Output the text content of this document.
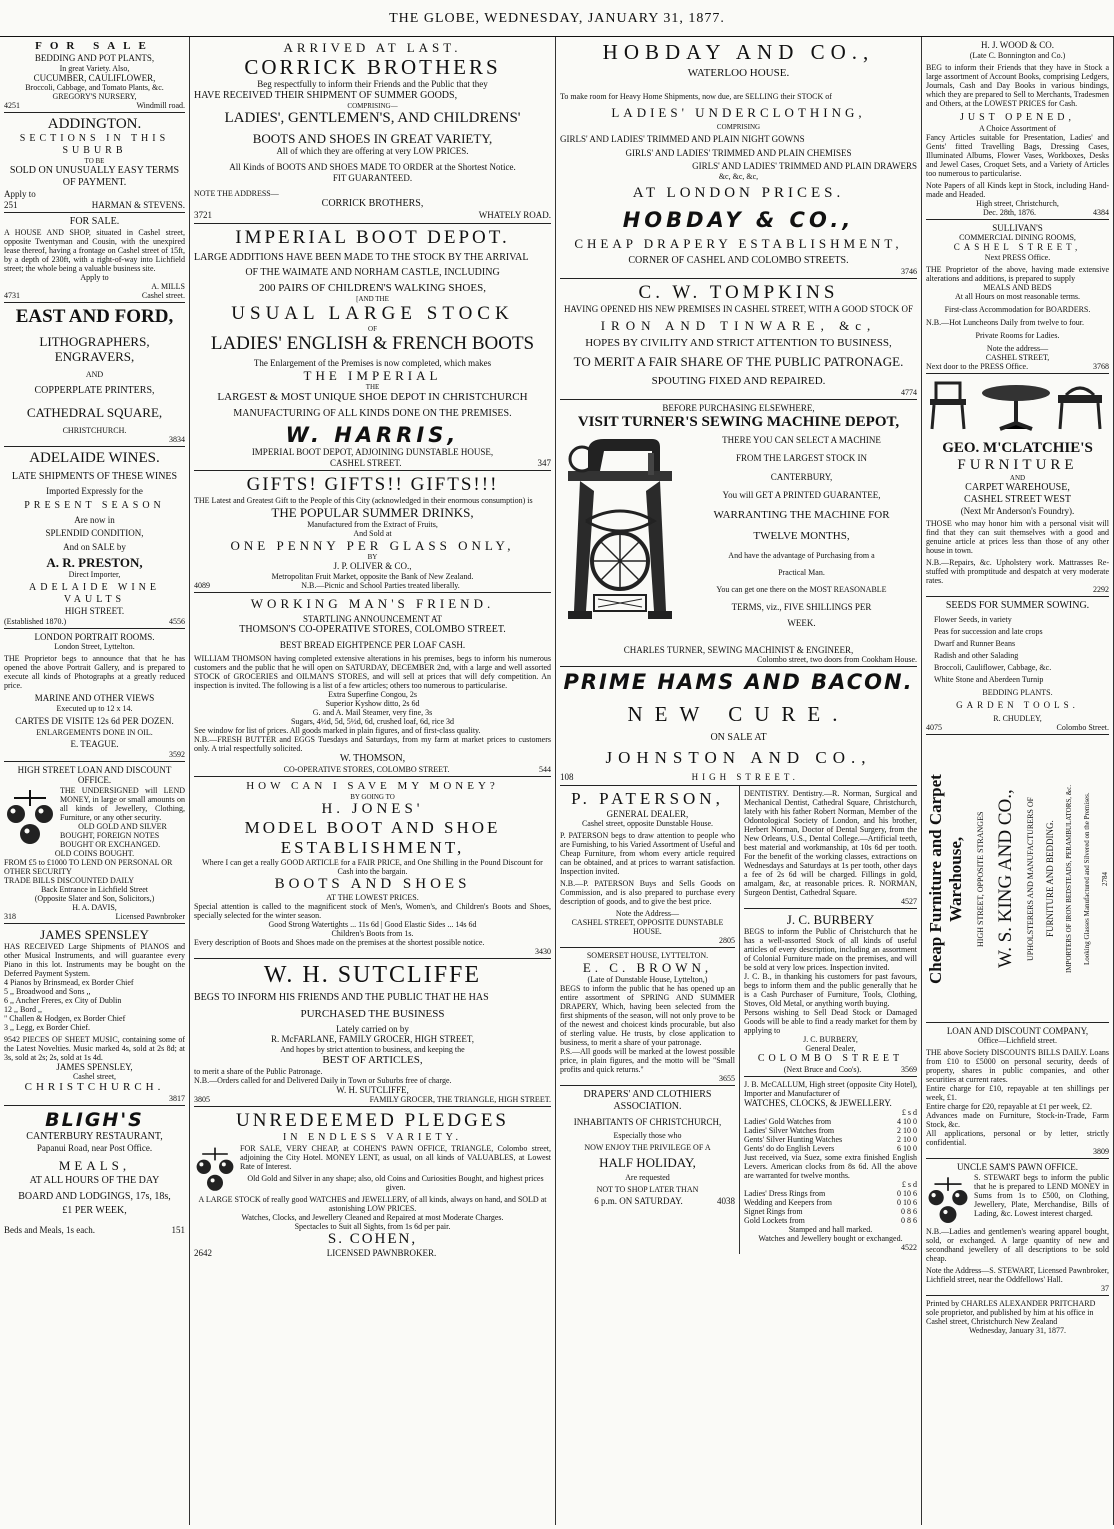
THE GLOBE, WEDNESDAY, JANUARY 31, 1877.

FOR SALE

BEDDING AND POT PLANTS,

In great Variety. Also,

CUCUMBER, CAULIFLOWER,

Broccoli, Cabbage, and Tomato Plants, &c.

GREGORY'S NURSERY,

4251	Windmill road.

ADDINGTON.

SECTIONS IN THIS SUBURB

TO BE

SOLD ON UNUSUALLY EASY TERMS

OF PAYMENT.

Apply to

251	HARMAN & STEVENS.

FOR SALE.

A HOUSE AND SHOP, situated in Cashel street, opposite Twentyman and Cousin, with the unexpired lease thereof, having a frontage on Cashel street of 15ft, by a depth of 230ft, with a right-of-way into Lichfield street; the whole being a valuable business site.

Apply to

A. MILLS

4731	Cashel street.

EAST AND FORD,

LITHOGRAPHERS, ENGRAVERS,

AND

COPPERPLATE PRINTERS,

CATHEDRAL SQUARE,

CHRISTCHURCH.

3834

ADELAIDE WINES.

LATE SHIPMENTS OF THESE WINES

Imported Expressly for the

PRESENT SEASON

Are now in

SPLENDID CONDITION,

And on SALE by

A. R. PRESTON,

Direct Importer,

ADELAIDE WINE VAULTS

HIGH STREET.

(Established 1870.)	4556

LONDON PORTRAIT ROOMS.

London Street, Lyttelton.

THE Proprietor begs to announce that that he has opened the above Portrait Gallery, and is prepared to execute all kinds of Photographs at a greatly reduced price.

MARINE AND OTHER VIEWS

Executed up to 12 x 14.

CARTES DE VISITE 12s 6d PER DOZEN.

ENLARGEMENTS DONE IN OIL.

E. TEAGUE.

3592

HIGH STREET LOAN AND DISCOUNT OFFICE.

THE UNDERSIGNED will LEND MONEY, in large or small amounts on all kinds of Jewellery, Clothing, Furniture, or any other security.

OLD GOLD AND SILVER

BOUGHT, FOREIGN NOTES BOUGHT OR EXCHANGED.

OLD COINS BOUGHT.

FROM £5 to £1000 TO LEND ON PERSONAL OR OTHER SECURITY

TRADE BILLS DISCOUNTED DAILY

Back Entrance in Lichfield Street

(Opposite Slater and Son, Solicitors,)

H. A. DAVIS,

318	Licensed Pawnbroker

JAMES SPENSLEY

HAS RECEIVED Large Shipments of PIANOS and other Musical Instruments, and will guarantee every Piano in this lot. Instruments may be bought on the Deferred Payment System.

4 Pianos by Brinsmead, ex Border Chief

5 ,, Broadwood and Sons ,,

6 ,, Ancher Freres, ex City of Dublin

12 ,, Bord ,,

" Challen & Hodgen, ex Border Chief

3 ,, Legg, ex Border Chief.

9542 PIECES OF SHEET MUSIC, containing some of the Latest Novelties. Music marked 4s, sold at 2s 8d; at 3s, sold at 2s; 2s, sold at 1s 4d.

JAMES SPENSLEY,

Cashel street,

CHRISTCHURCH.

3817

BLIGH'S

CANTERBURY RESTAURANT,

Papanui Road, near Post Office.

MEALS,

AT ALL HOURS OF THE DAY

BOARD AND LODGINGS, 17s, 18s,

£1 PER WEEK,

Beds and Meals, 1s each.	151

ARRIVED AT LAST.

CORRICK BROTHERS

Beg respectfully to inform their Friends and the Public that they

HAVE RECEIVED THEIR SHIPMENT OF SUMMER GOODS,

COMPRISING—

LADIES', GENTLEMEN'S, AND CHILDRENS'

BOOTS AND SHOES IN GREAT VARIETY,

All of which they are offering at very LOW PRICES.

All Kinds of BOOTS AND SHOES MADE TO ORDER at the Shortest Notice.

FIT GUARANTEED.

NOTE THE ADDRESS—

CORRICK BROTHERS,

3721	WHATELY ROAD.

IMPERIAL BOOT DEPOT.

LARGE ADDITIONS HAVE BEEN MADE TO THE STOCK BY THE ARRIVAL

OF THE WAIMATE AND NORHAM CASTLE, INCLUDING

200 PAIRS OF CHILDREN'S WALKING SHOES,

[AND THE

USUAL LARGE STOCK

OF

LADIES' ENGLISH & FRENCH BOOTS

The Enlargement of the Premises is now completed, which makes

THE IMPERIAL

THE

LARGEST & MOST UNIQUE SHOE DEPOT IN CHRISTCHURCH

MANUFACTURING OF ALL KINDS DONE ON THE PREMISES.

W. HARRIS,

IMPERIAL BOOT DEPOT, ADJOINING DUNSTABLE HOUSE,

CASHEL STREET.	347

GIFTS! GIFTS!! GIFTS!!!

THE Latest and Greatest Gift to the People of this City (acknowledged in their enormous consumption) is

THE POPULAR SUMMER DRINKS,

Manufactured from the Extract of Fruits,

And Sold at

ONE PENNY PER GLASS ONLY,

BY

J. P. OLIVER & CO.,

Metropolitan Fruit Market, opposite the Bank of New Zealand.

4089	N.B.—Picnic and School Parties treated liberally.

WORKING MAN'S FRIEND.

STARTLING ANNOUNCEMENT AT

THOMSON'S CO-OPERATIVE STORES, COLOMBO STREET.

BEST BREAD EIGHTPENCE PER LOAF CASH.

WILLIAM THOMSON having completed extensive alterations in his premises, begs to inform his numerous customers and the public that he will open on SATURDAY, DECEMBER 2nd, with a large and well assorted STOCK of GROCERIES and OILMAN'S STORES, and will sell at prices that will defy competition. An inspection is invited. The following is a list of a few articles; others too numerous to particularise.

Extra Superfine Congou, 2s

Superior Kyshow ditto, 2s 6d

G. and A. Mail Steamer, very fine, 3s

Sugars, 4½d, 5d, 5½d, 6d, crushed loaf, 6d, rice 3d

See window for list of prices. All goods marked in plain figures, and of first-class quality.

N.B.—FRESH BUTTER and EGGS Tuesdays and Saturdays, from my farm at market prices to customers only. A trial respectfully solicited.

W. THOMSON,

CO-OPERATIVE STORES, COLOMBO STREET.	544

HOW CAN I SAVE MY MONEY?

BY GOING TO

H. JONES'

MODEL BOOT AND SHOE

ESTABLISHMENT,

Where I can get a really GOOD ARTICLE for a FAIR PRICE, and One Shilling in the Pound Discount for Cash into the bargain.

BOOTS AND SHOES

AT THE LOWEST PRICES.

Special attention is called to the magnificent stock of Men's, Women's, and Children's Boots and Shoes, specially selected for the winter season.

Good Strong Watertights ... 11s 6d | Good Elastic Sides ... 14s 6d

Children's Boots from 1s.

Every description of Boots and Shoes made on the premises at the shortest possible notice.

3430

W. H. SUTCLIFFE

BEGS TO INFORM HIS FRIENDS AND THE PUBLIC THAT HE HAS

PURCHASED THE BUSINESS

Lately carried on by

R. McFARLANE, FAMILY GROCER, HIGH STREET,

And hopes by strict attention to business, and keeping the

BEST OF ARTICLES,

to merit a share of the Public Patronage.

N.B.—Orders called for and Delivered Daily in Town or Suburbs free of charge.

W. H. SUTCLIFFE,

3805	FAMILY GROCER, THE TRIANGLE, HIGH STREET.

UNREDEEMED PLEDGES

IN ENDLESS VARIETY.

FOR SALE, VERY CHEAP, at COHEN'S PAWN OFFICE, TRIANGLE, Colombo street, adjoining the City Hotel. MONEY LENT, as usual, on all kinds of VALUABLES, at Lowest Rate of Interest.

Old Gold and Silver in any shape; also, old Coins and Curiosities Bought, and highest prices given.

A LARGE STOCK of really good WATCHES and JEWELLERY, of all kinds, always on hand, and SOLD at astonishing LOW PRICES.

Watches, Clocks, and Jewellery Cleaned and Repaired at most Moderate Charges.

Spectacles to Suit all Sights, from 1s 6d per pair.

S. COHEN,

2642	LICENSED PAWNBROKER.

HOBDAY AND CO.,

WATERLOO HOUSE.

To make room for Heavy Home Shipments, now due, are SELLING their STOCK of

LADIES' UNDERCLOTHING,

COMPRISING

GIRLS' AND LADIES' TRIMMED AND PLAIN NIGHT GOWNS

GIRLS' AND LADIES' TRIMMED AND PLAIN CHEMISES

GIRLS' AND LADIES' TRIMMED AND PLAIN DRAWERS

&c, &c, &c,

AT LONDON PRICES.

HOBDAY & CO.,

CHEAP DRAPERY ESTABLISHMENT,

CORNER OF CASHEL AND COLOMBO STREETS.

3746

C. W. TOMPKINS

HAVING OPENED HIS NEW PREMISES IN CASHEL STREET, WITH A GOOD STOCK OF

IRON AND TINWARE, &c,

HOPES BY CIVILITY AND STRICT ATTENTION TO BUSINESS,

TO MERIT A FAIR SHARE OF THE PUBLIC PATRONAGE.

SPOUTING FIXED AND REPAIRED.

4774

BEFORE PURCHASING ELSEWHERE,

VISIT TURNER'S SEWING MACHINE DEPOT,

THERE YOU CAN SELECT A MACHINE

FROM THE LARGEST STOCK IN

CANTERBURY,

You will GET A PRINTED GUARANTEE,

WARRANTING THE MACHINE FOR

TWELVE MONTHS,

And have the advantage of Purchasing from a

Practical Man.

You can get one there on the MOST REASONABLE

TERMS, viz., FIVE SHILLINGS PER

WEEK.

CHARLES TURNER, SEWING MACHINIST & ENGINEER,

Colombo street, two doors from Cookham House.

PRIME HAMS AND BACON.

NEW CURE.

ON SALE AT

JOHNSTON AND CO.,

108	HIGH STREET.

P. PATERSON,

GENERAL DEALER,

Cashel street, opposite Dunstable House.

P. PATERSON begs to draw attention to people who are Furnishing, to his Varied Assortment of Useful and Cheap Furniture, from whom every article required can be obtained, and at prices to warrant satisfaction. Inspection invited.

N.B.—P. PATERSON Buys and Sells Goods on Commission, and is also prepared to purchase every description of goods, and to give the best price.

Note the Address—

CASHEL STREET, OPPOSITE DUNSTABLE HOUSE.

2805

SOMERSET HOUSE, LYTTELTON.

E. C. BROWN,

(Late of Dunstable House, Lyttelton,)

BEGS to inform the public that he has opened up an entire assortment of SPRING AND SUMMER DRAPERY, Which, having been selected from the first shipments of the season, will not only prove to be of the newest and choicest kinds procurable, but also of sterling value. He trusts, by close application to business, to merit a share of your patronage.

P.S.—All goods will be marked at the lowest possible price, in plain figures, and the motto will be "Small profits and quick returns."

3655

DRAPERS' AND CLOTHIERS ASSOCIATION.

INHABITANTS OF CHRISTCHURCH,

Especially those who

NOW ENJOY THE PRIVILEGE OF A

HALF HOLIDAY,

Are requested

NOT TO SHOP LATER THAN

6 p.m. ON SATURDAY.	4038

DENTISTRY. Dentistry.—R. Norman, Surgical and Mechanical Dentist, Cathedral Square, Christchurch, lately with his father Robert Norman, Member of the Odontological Society of London, and his brother, Herbert Norman, Doctor of Dental Surgery, from the New Orleans, U.S., Dental College.—Artificial teeth, best material and workmanship, at 10s 6d per tooth. For the benefit of the working classes, extractions on Wednesdays and Saturdays at 1s per tooth, other days a fee of 2s 6d will be charged. Fillings in gold, amalgam, &c, at reasonable prices. R. NORMAN, Surgeon Dentist, Cathedral Square.

4527

J. C. BURBERY

BEGS to inform the Public of Christchurch that he has a well-assorted Stock of all kinds of useful articles of every description, including an assortment of Colonial Furniture made on the premises, and will be sold at very low prices. Inspection invited.

J. C. B., in thanking his customers for past favours, begs to inform them and the public generally that he is a Cash Purchaser of Furniture, Tools, Clothing, Stoves, Old Metal, or anything worth buying.

Persons wishing to Sell Dead Stock or Damaged Goods will be able to find a ready market for them by applying to

J. C. BURBERY,

General Dealer,

COLOMBO STREET

(Next Bruce and Coo's).	3569

J. B. McCALLUM, High street (opposite City Hotel), Importer and Manufacturer of

WATCHES, CLOCKS, & JEWELLERY.

£ s d

Ladies' Gold Watches from	4 10 0
Ladies' Silver Watches from	2 10 0
Gents' Silver Hunting Watches	2 10 0
Gents' do do English Levers	6 10 0

Just received, via Suez, some extra finished English Levers. American clocks from 8s 6d. All the above are warranted for twelve months.

£ s d

Ladies' Dress Rings from	0 10 6
Wedding and Keepers from	0 10 6
Signet Rings from	0 8 6
Gold Lockets from	0 8 6

Stamped and hall marked.

Watches and Jewellery bought or exchanged.

4522

H. J. WOOD & CO.

(Late C. Bonnington and Co.)

BEG to inform their Friends that they have in Stock a large assortment of Account Books, comprising Ledgers, Journals, Cash and Day Books in various bindings, which they are prepared to Sell to Merchants, Tradesmen and Others, at the LOWEST PRICES for Cash.

JUST OPENED,

A Choice Assortment of

Fancy Articles suitable for Presentation, Ladies' and Gents' fitted Travelling Bags, Dressing Cases, Illuminated Albums, Flower Vases, Workboxes, Desks and Jewel Cases, Croquet Sets, and a Variety of Articles too numerous to particularise.

Note Papers of all Kinds kept in Stock, including Hand-made and Headed.

High street, Christchurch,

Dec. 28th, 1876.	4384

SULLIVAN'S

COMMERCIAL DINING ROOMS,

CASHEL STREET,

Next PRESS Office.

THE Proprietor of the above, having made extensive alterations and additions, is prepared to supply

MEALS AND BEDS

At all Hours on most reasonable terms.

First-class Accommodation for BOARDERS.

N.B.—Hot Luncheons Daily from twelve to four.

Private Rooms for Ladies.

Note the address—

CASHEL STREET,

Next door to the PRESS Office.	3768

GEO. M'CLATCHIE'S

FURNITURE

AND

CARPET WAREHOUSE,

CASHEL STREET WEST

(Next Mr Anderson's Foundry).

THOSE who may honor him with a personal visit will find that they can suit themselves with a good and genuine article at prices less than those of any other house in town.

N.B.—Repairs, &c. Upholstery work. Mattrasses Re-stuffed with promptitude and despatch at very moderate rates.

2292

SEEDS FOR SUMMER SOWING.

Flower Seeds, in variety

Peas for succession and late crops

Dwarf and Runner Beans

Radish and other Salading

Broccoli, Cauliflower, Cabbage, &c.

White Stone and Aberdeen Turnip

BEDDING PLANTS.

GARDEN TOOLS.

R. CHUDLEY,

4075	Colombo Street.
Cheap Furniture and Carpet Warehouse, HIGH STREET, OPPOSITE STRANGES W. S. KING AND CO., UPHOLSTERERS AND MANUFACTURERS OF FURNITURE AND BEDDING. IMPORTERS OF IRON BEDSTEADS, PERAMBULATORS, &c. Looking Glasses Manufactured and Silvered on the Premises. 2784

LOAN AND DISCOUNT COMPANY,

Office—Lichfield street.

THE above Society DISCOUNTS BILLS DAILY. Loans from £10 to £5000 on personal security, deeds of property, shares in public companies, and other securities at current rates.

Entire charge for £10, repayable at ten shillings per week, £1.

Entire charge for £20, repayable at £1 per week, £2.

Advances made on Furniture, Stock-in-Trade, Farm Stock, &c.

All applications, personal or by letter, strictly confidential.

3809

UNCLE SAM'S PAWN OFFICE.

S. STEWART begs to inform the public that he is prepared to LEND MONEY in Sums from 1s to £500, on Clothing, Jewellery, Plate, Merchandise, Bills of Lading, &c. Lowest interest charged.

N.B.—Ladies and gentlemen's wearing apparel bought, sold, or exchanged. A large quantity of new and secondhand jewellery of all descriptions to be sold cheap.

Note the Address—S. STEWART, Licensed Pawnbroker, Lichfield street, near the Oddfellows' Hall.

37

Printed by CHARLES ALEXANDER PRITCHARD sole proprietor, and published by him at his office in Cashel street, Christchurch New Zealand

Wednesday, January 31, 1877.
